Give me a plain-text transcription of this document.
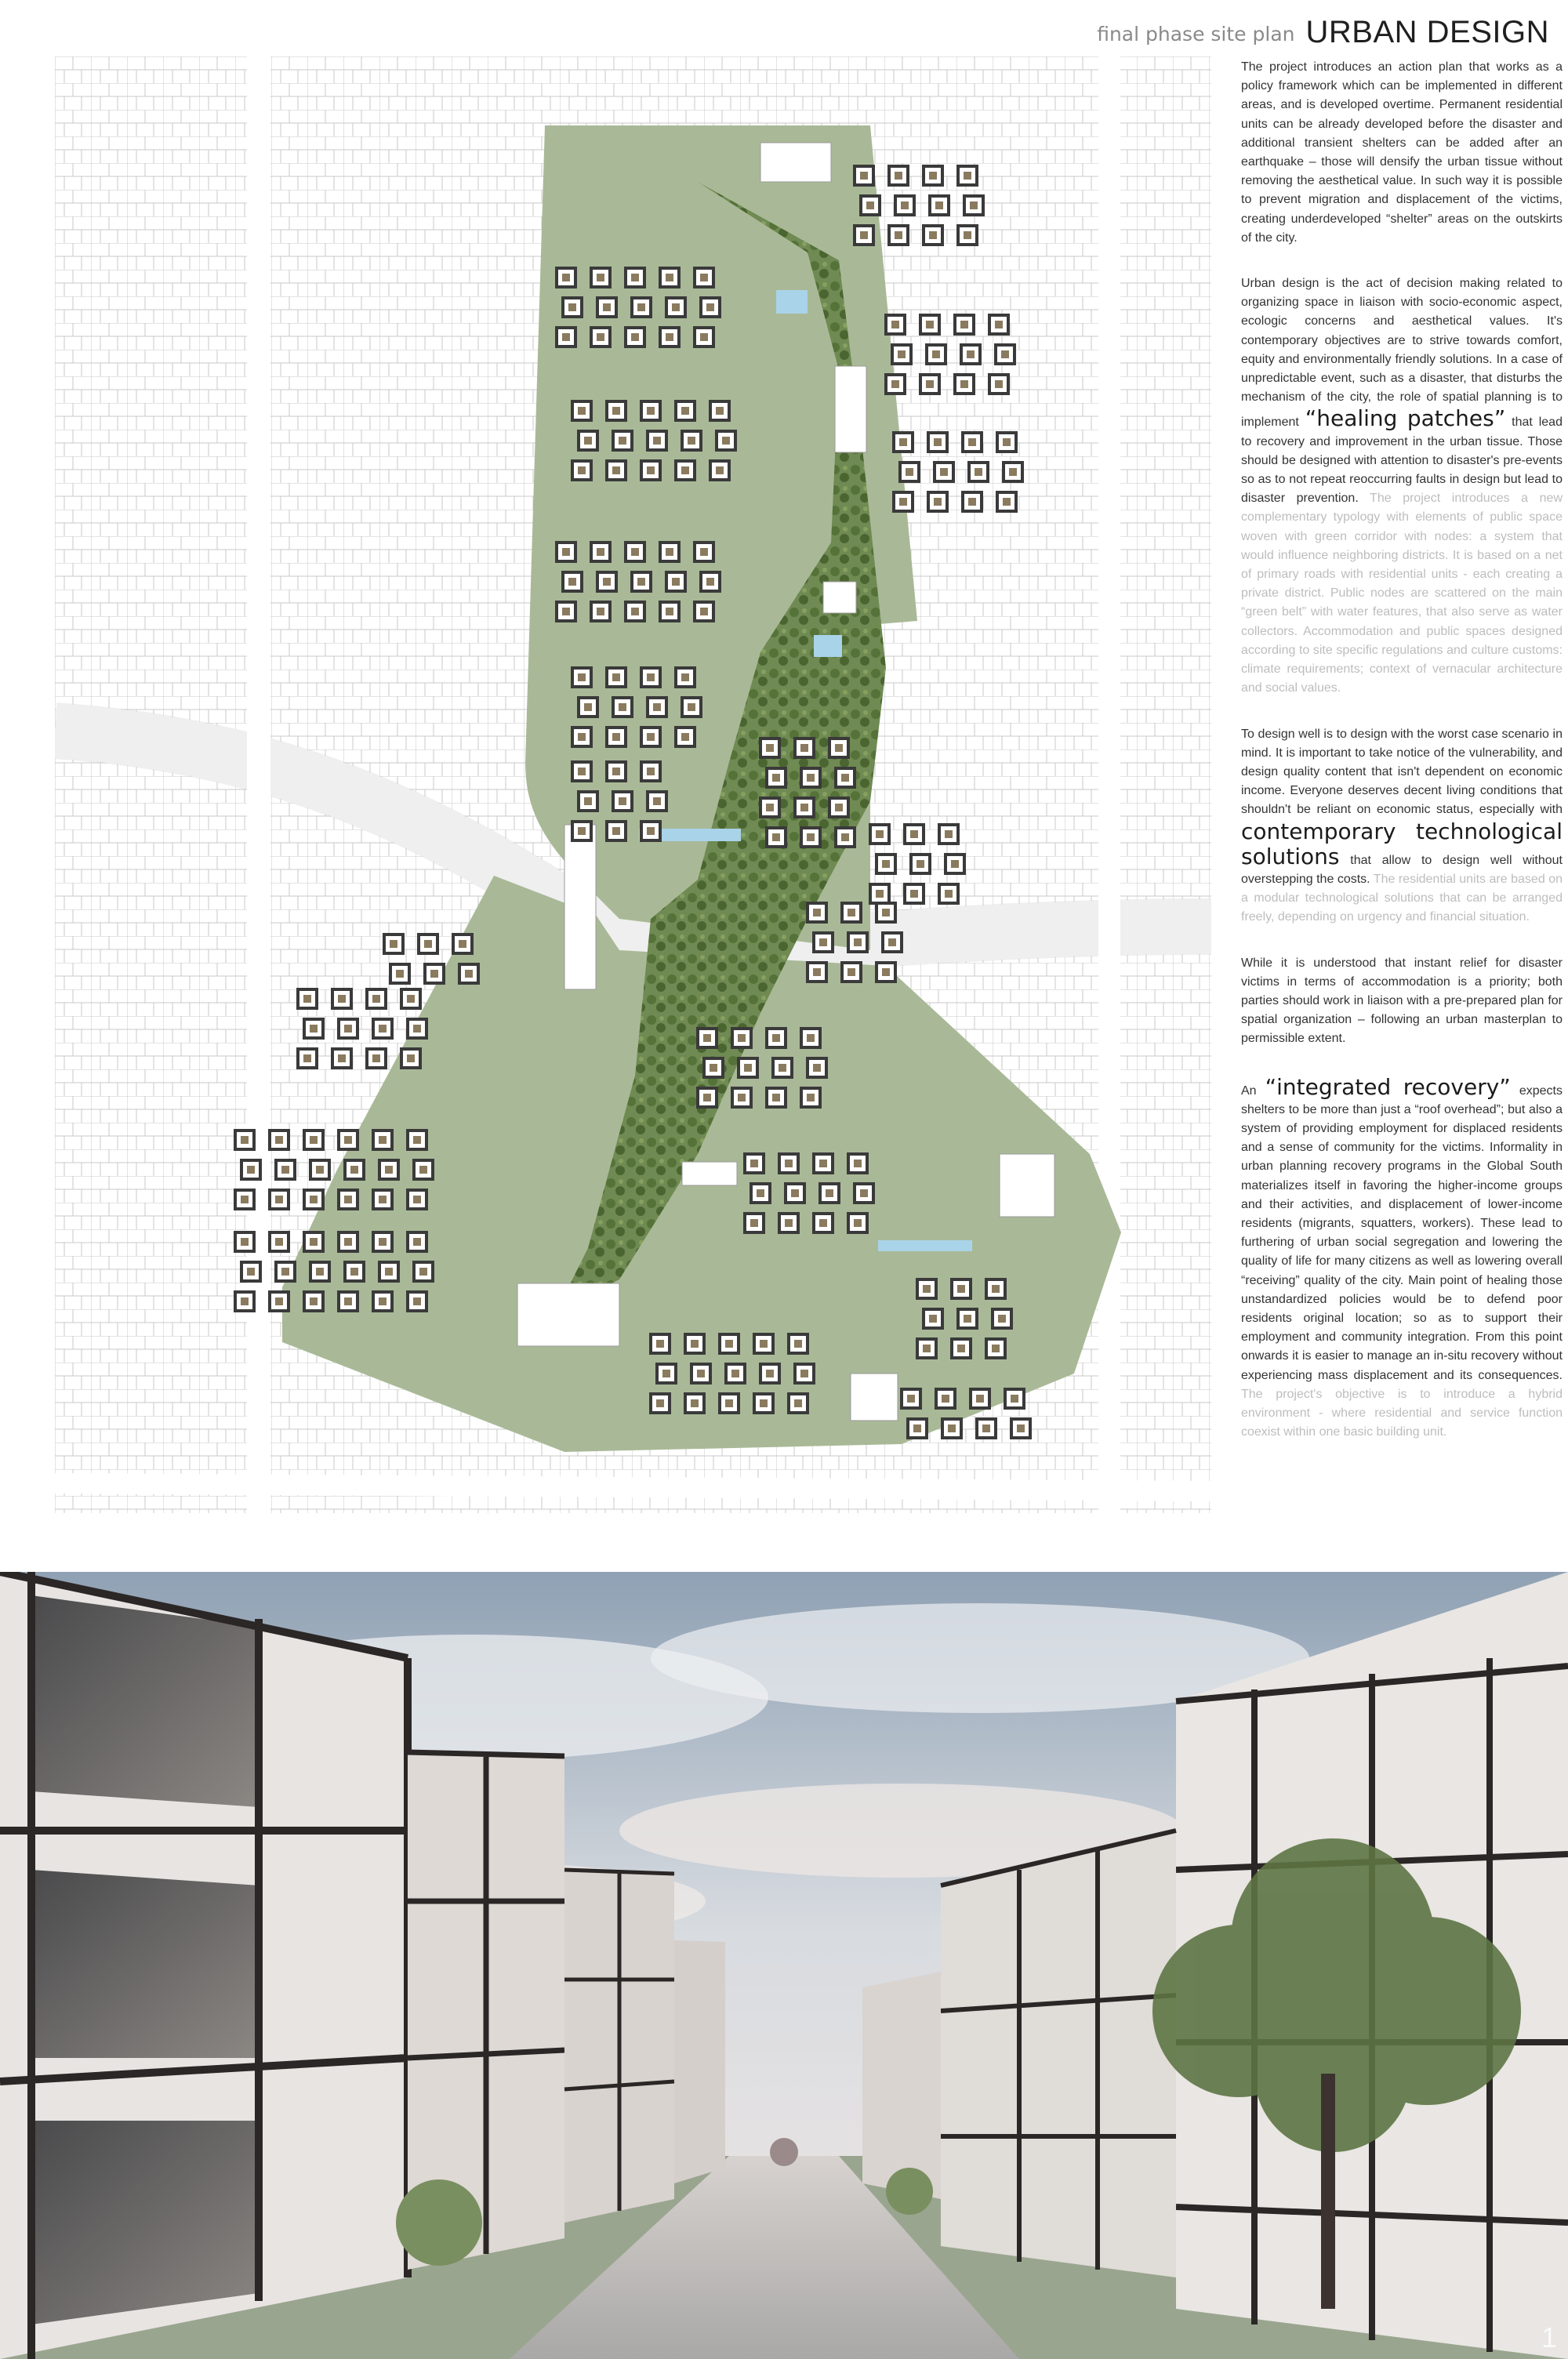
final phase site plan URBAN DESIGN

The project introduces an action plan that works as a policy framework which can be implemented in different areas, and is developed overtime. Permanent residential units can be already developed before the disaster and additional transient shelters can be added after an earthquake – those will densify the urban tissue without removing the aesthetical value. In such way it is possible to prevent migration and displacement of the victims, creating underdeveloped “shelter” areas on the outskirts of the city.

Urban design is the act of decision making related to organizing space in liaison with socio-economic aspect, ecologic concerns and aesthetical values. It's contemporary objectives are to strive towards comfort, equity and environmentally friendly solutions. In a case of unpredictable event, such as a disaster, that disturbs the mechanism of the city, the role of spatial planning is to implement “healing patches” that lead to recovery and improvement in the urban tissue. Those should be designed with attention to disaster's pre-events so as to not repeat reoccurring faults in design but lead to disaster prevention. The project introduces a new complementary typology with elements of public space woven with green corridor with nodes: a system that would influence neighboring districts. It is based on a net of primary roads with residential units - each creating a private district. Public nodes are scattered on the main “green belt” with water features, that also serve as water collectors. Accommodation and public spaces designed according to site specific regulations and culture customs: climate requirements; context of vernacular architecture and social values.

To design well is to design with the worst case scenario in mind. It is important to take notice of the vulnerability, and design quality content that isn't dependent on economic income. Everyone deserves decent living conditions that shouldn't be reliant on economic status, especially with contemporary technological solutions that allow to design well without overstepping the costs. The residential units are based on a modular technological solutions that can be arranged freely, depending on urgency and financial situation.

While it is understood that instant relief for disaster victims in terms of accommodation is a priority; both parties should work in liaison with a pre-prepared plan for spatial organization – following an urban masterplan to permissible extent.

An “integrated recovery” expects shelters to be more than just a “roof overhead”; but also a system of providing employment for displaced residents and a sense of community for the victims. Informality in urban planning recovery programs in the Global South materializes itself in favoring the higher-income groups and their activities, and displacement of lower-income residents (migrants, squatters, workers). These lead to furthering of urban social segregation and lowering the quality of life for many citizens as well as lowering overall “receiving” quality of the city. Main point of healing those unstandardized policies would be to defend poor residents original location; so as to support their employment and community integration. From this point onwards it is easier to manage an in-situ recovery without experiencing mass displacement and its consequences. The project's objective is to introduce a hybrid environment - where residential and service function coexist within one basic building unit.

1
